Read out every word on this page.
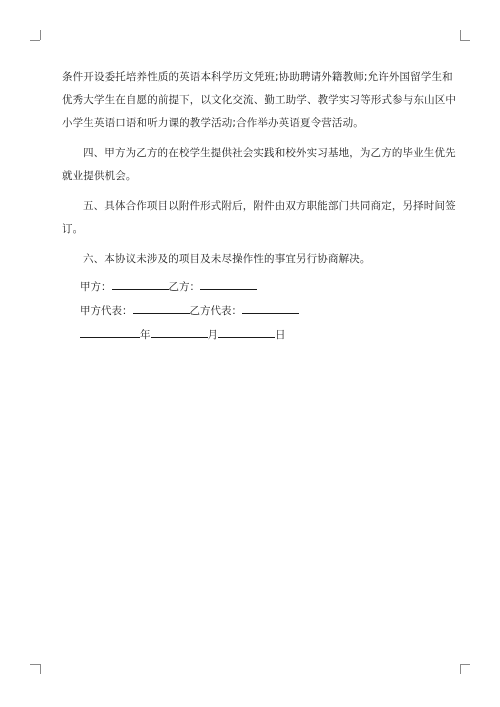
条件开设委托培养性质的英语本科学历文凭班;协助聘请外籍教师;允许外国留学生和
优秀大学生在自愿的前提下，以文化交流、勤工助学、教学实习等形式参与东山区中
小学生英语口语和听力课的教学活动;合作举办英语夏令营活动。

四、甲方为乙方的在校学生提供社会实践和校外实习基地，为乙方的毕业生优先
就业提供机会。

五、具体合作项目以附件形式附后，附件由双方职能部门共同商定，另择时间签
订。

六、本协议未涉及的项目及未尽操作性的事宜另行协商解决。

甲方：	乙方：
甲方代表：	乙方代表：
年	月	日
